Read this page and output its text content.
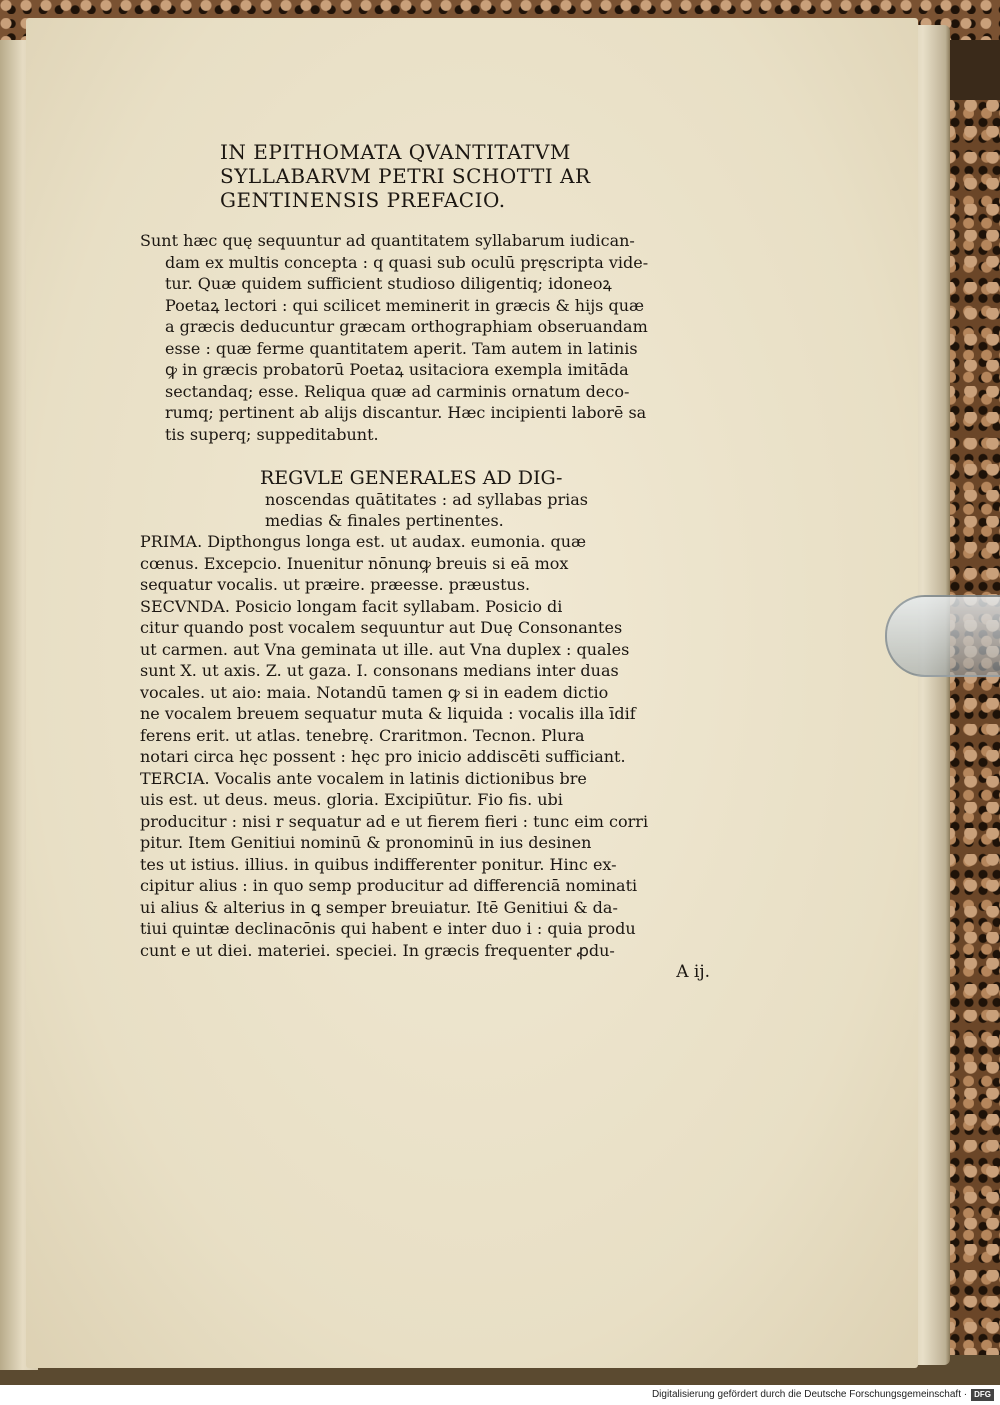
IN EPITHOMATA QVANTITATVM
SYLLABARVM PETRI SCHOTTI AR
GENTINENSIS PREFACIO.
Sunt hæc quę sequuntur ad quantitatem syllabarum iudican-
dam ex multis concepta : q quasi sub oculū pręscripta vide-
tur. Quæ quidem sufficient studioso diligentiq; idoneoꝝ
Poetaꝝ lectori : qui scilicet meminerit in græcis & hijs quæ
a græcis deducuntur græcam orthographiam obseruandam
esse : quæ ferme quantitatem aperit. Tam autem in latinis
ꝙ in græcis probatorū Poetaꝝ usitaciora exempla imitāda
sectandaq; esse. Reliqua quæ ad carminis ornatum deco-
rumq; pertinent ab alijs discantur. Hæc incipienti laborē sa
tis superq; suppeditabunt.
REGVLE GENERALES AD DIG-
noscendas quātitates : ad syllabas prias
medias & finales pertinentes.
PRIMA. Dipthongus longa est. ut audax. eumonia. quæ
cœnus. Excepcio. Inuenitur nōnunꝙ breuis si eā mox
sequatur vocalis. ut præire. præesse. præustus.
SECVNDA. Posicio longam facit syllabam. Posicio di
citur quando post vocalem sequuntur aut Duę Consonantes
ut carmen. aut Vna geminata ut ille. aut Vna duplex : quales
sunt X. ut axis. Z. ut gaza. I. consonans medians inter duas
vocales. ut aio: maia. Notandū tamen ꝙ si in eadem dictio
ne vocalem breuem sequatur muta & liquida : vocalis illa īdif
ferens erit. ut atlas. tenebrę. Craritmon. Tecnon. Plura
notari circa hęc possent : hęc pro inicio addiscēti sufficiant.
TERCIA. Vocalis ante vocalem in latinis dictionibus bre
uis est. ut deus. meus. gloria. Excipiūtur. Fio fis. ubi
producitur : nisi r sequatur ad e ut fierem fieri : tunc eim corri
pitur. Item Genitiui nominū & pronominū in ius desinen
tes ut istius. illius. in quibus indifferenter ponitur. Hinc ex-
cipitur alius : in quo semp producitur ad differenciā nominati
ui alius & alterius in ꝗ semper breuiatur. Itē Genitiui & da-
tiui quintæ declinacōnis qui habent e inter duo i : quia produ
cunt e ut diei. materiei. speciei. In græcis frequenter ꝓdu-
A ij.
Digitalisierung gefördert durch die Deutsche Forschungsgemeinschaft · DFG
